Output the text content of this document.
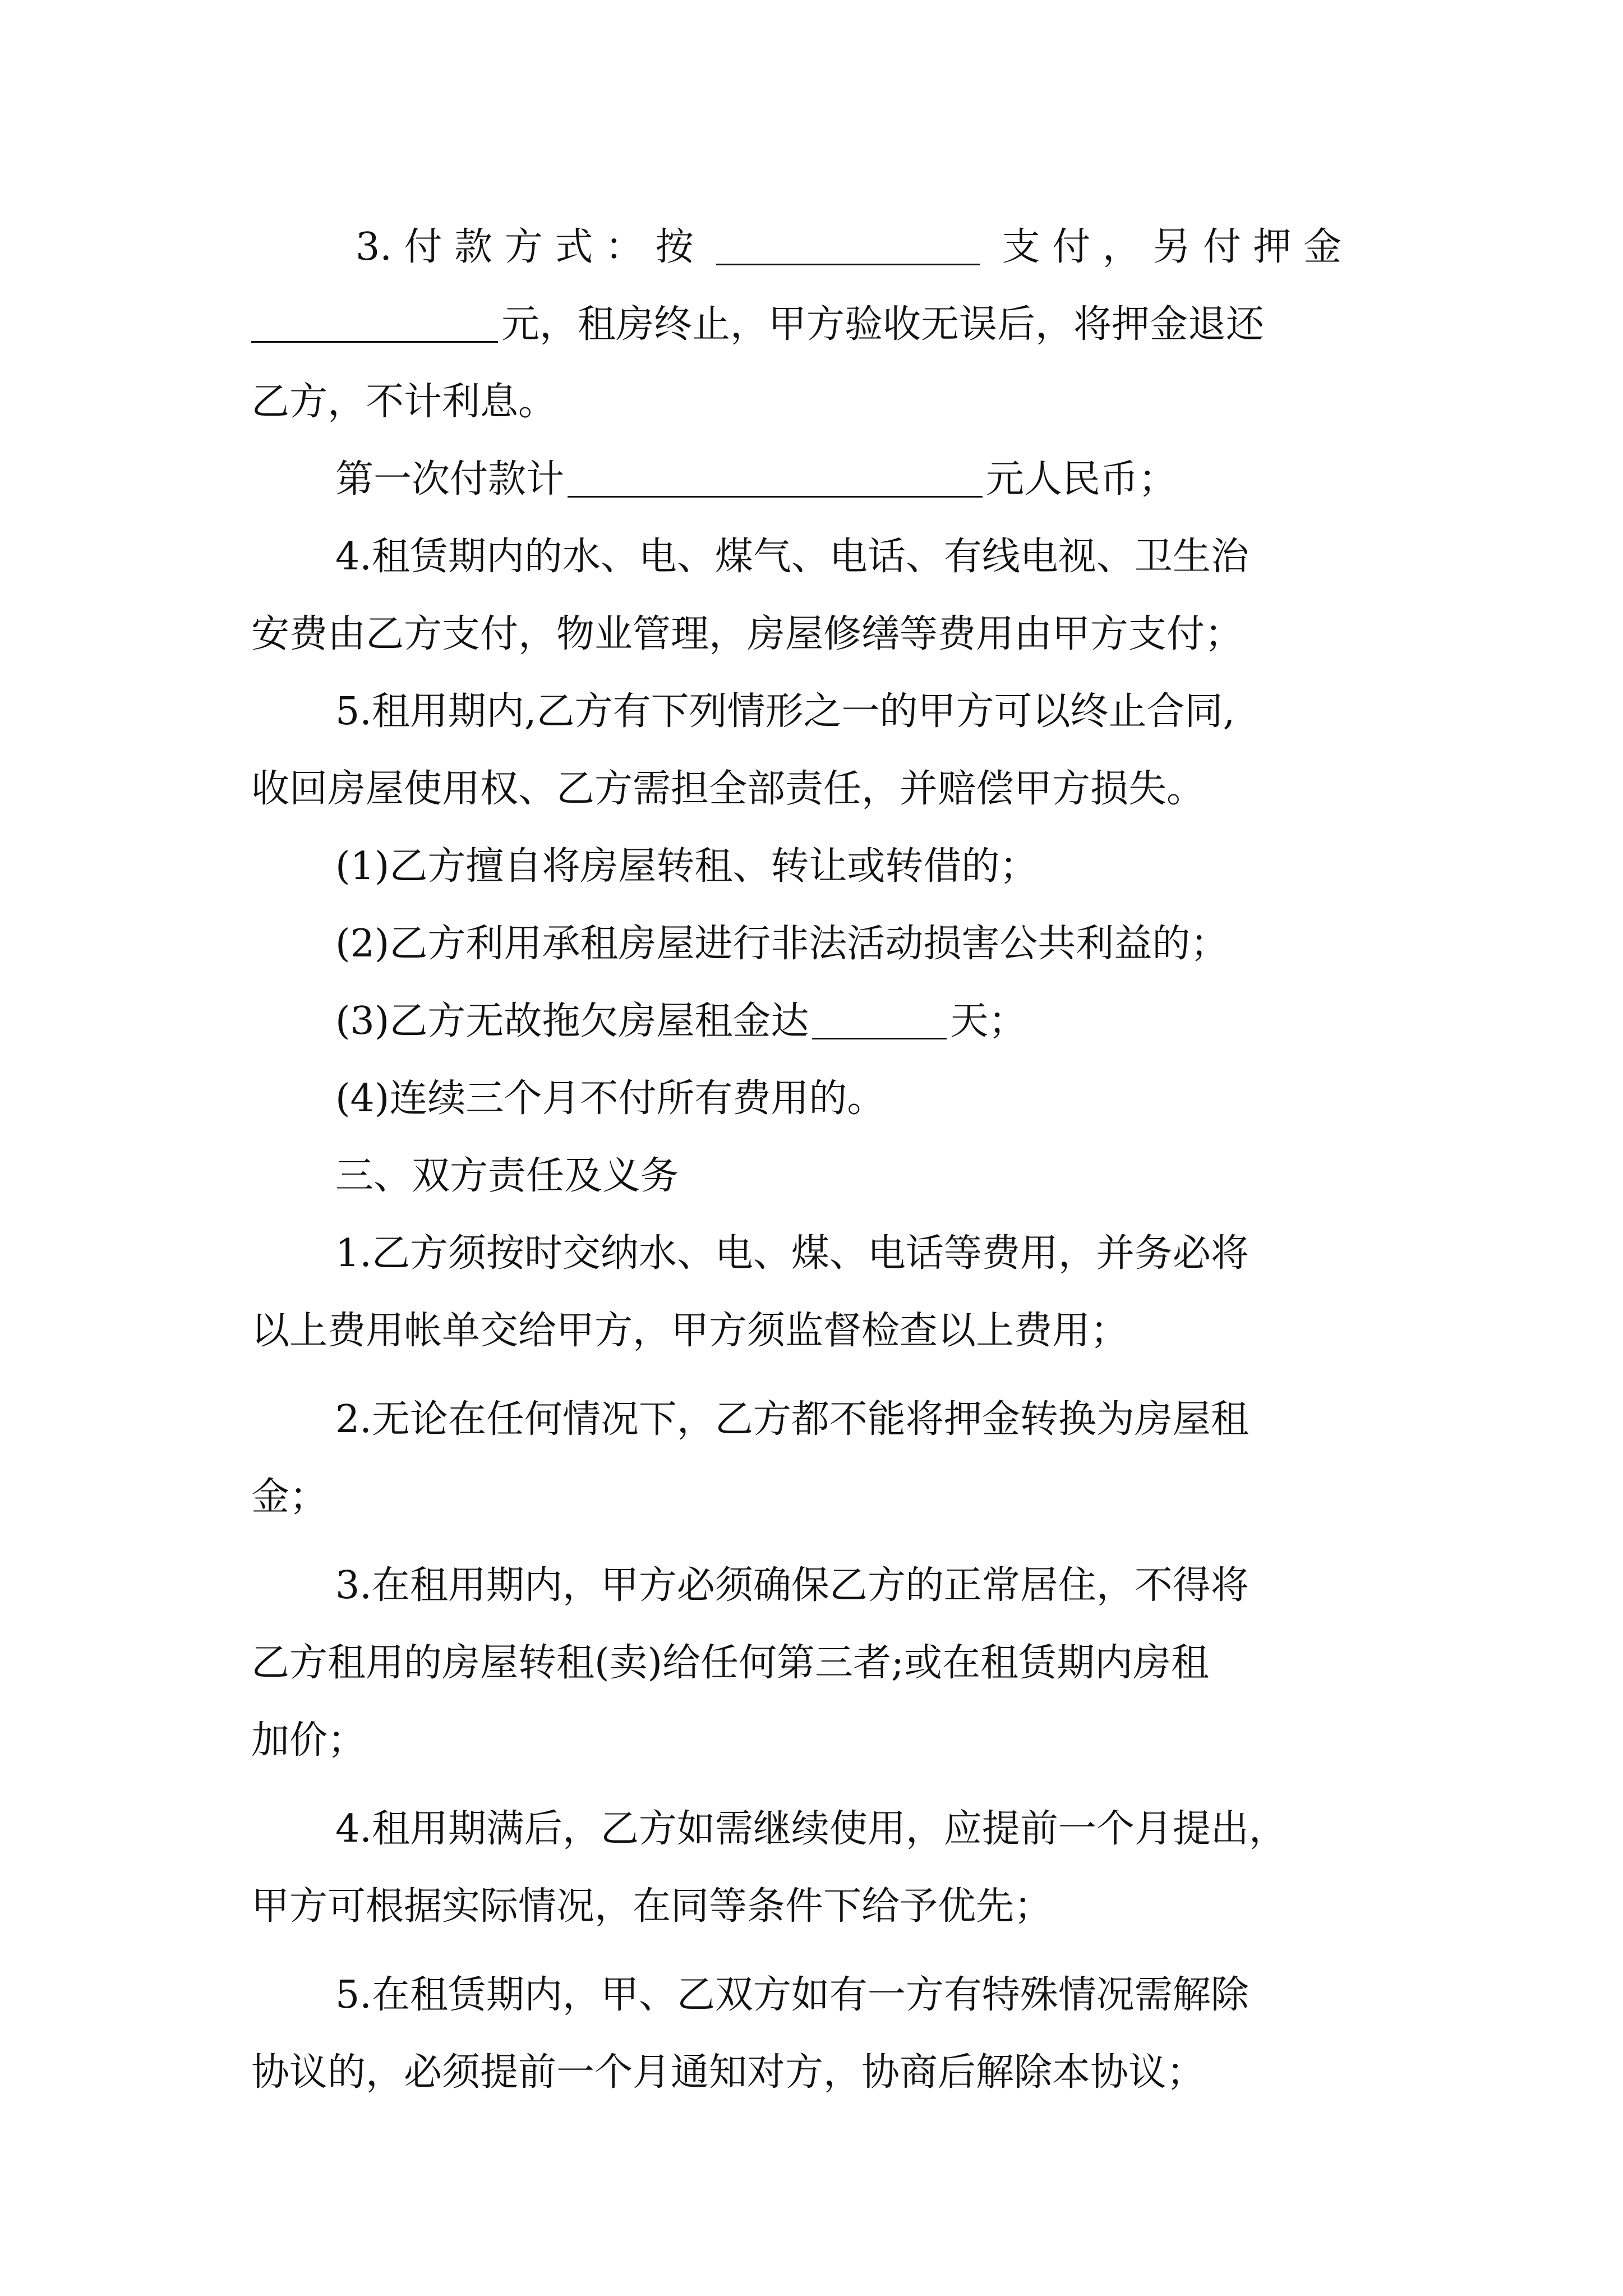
3. 付 款 方 式 ： 按	支 付 ， 另 付 押 金
元，租房终止，甲方验收无误后，将押金退还
乙方，不计利息。
第一次付款计	元人民币；
4.租赁期内的水、电、煤气、电话、有线电视、卫生治
安费由乙方支付，物业管理，房屋修缮等费用由甲方支付；
5.租用期内,乙方有下列情形之一的甲方可以终止合同,
收回房屋使用权、乙方需担全部责任，并赔偿甲方损失。
(1)乙方擅自将房屋转租、转让或转借的；
(2)乙方利用承租房屋进行非法活动损害公共利益的；
(3)乙方无故拖欠房屋租金达	天；
(4)连续三个月不付所有费用的。
三、双方责任及义务
1.乙方须按时交纳水、电、煤、电话等费用，并务必将
以上费用帐单交给甲方，甲方须监督检查以上费用；
2.无论在任何情况下，乙方都不能将押金转换为房屋租
金；
3.在租用期内，甲方必须确保乙方的正常居住，不得将
乙方租用的房屋转租(卖)给任何第三者;或在租赁期内房租
加价；
4.租用期满后，乙方如需继续使用，应提前一个月提出，
甲方可根据实际情况，在同等条件下给予优先；
5.在租赁期内，甲、乙双方如有一方有特殊情况需解除
协议的，必须提前一个月通知对方，协商后解除本协议；
